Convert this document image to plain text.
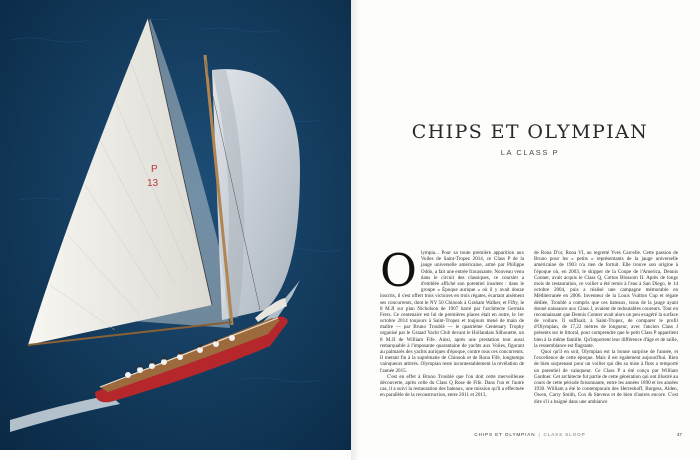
P
13
CHIPS ET OLYMPIAN
LA CLASS P
O lympia... Pour sa toute première apparition aux Voiles de Saint-Tropez 2014, ce Class P de la jauge universelle américaine, armé par Philippe Oddo, a fait une entrée fracassante. Nouveau venu dans le circuit des classiques, ce coursier a d'emblée affiché son potentiel insolent : dans le groupe « Époque aurique » où il y avait douze inscrits, il s'est offert trois victoires en trois régates, écartant aisément ses concurrents, dont le NY 50 Chinook à Graham Walker, et Fifty, le 8 M.JI sur plan Nicholson de 1907 barré par l'architecte Germán Frers. Ce centenaire est lui de premières places était en outre, le 1er octobre 2014 toujours à Saint-Tropez et toujours mené de main de maître — par Bruno Troublé — le quatrième Centenary Trophy organisé par le Gstaad Yacht Club devant le Hollandais Silhouette, un 8 M.JI de William Fife. Ainsi, après une prestation tout aussi remarquable à l'imposante quarantaine de yachts aux Voiles, figurant au palmarès des yachts auriques d'époque, contre tous ces concurrents. Il mettait fin à la suprématie de Chinook et de Rona Fife, longtemps vainqueurs attitrés. Olympian reste incontestablement la révélation de l'année 2015.

C'est en effet à Bruno Troublé que l'on doit cette merveilleuse découverte, après celle du Class Q Rose de Fife. Dans l'un et l'autre cas, il a suivi la restauration des bateaux, une mission qu'il a effectuée en parallèle de la reconstruction, entre 2011 et 2013,

de Rona D'or, Rona VI, au regretté Yves Carcelle. Cette passion de Bruno pour les « petits » représentants de la jauge universelle américaine de 1903 n'a rien de fortuit. Elle trouve son origine à l'époque où, en 2003, le skipper de la Coupe de l'America, Dennis Conner, avait acquis le Class Q, Cotton Blossom II. Après de longs mois de restauration, ce voilier a été remis à l'eau à San Diego, le 14 octobre 2004, puis a réalisé une campagne mémorable en Méditerranée en 2006. Inventeur de la Louis Vuitton Cup et régate dédiée, Troublé a compris que ces bateaux, issus de la jauge ayant donné naissance aux Class J, avaient de redoutables coureurs. Tout en reconnaissant que Dennis Conner avait alors un peu exagéré la surface de voilure. Il suffisait, à Saint-Tropez, de comparer le profil d'Olympian, de 17,22 mètres de longueur, avec l'ancien Class J présents sur le littoral, pour comprendre que le petit Class P appartient bien à la même famille. Qu'importent leur différence d'âge et de taille, la ressemblance est flagrante.

Quoi qu'il en soit, Olympian est la bonne surprise de l'année, et l'excellence de cette époque. Mais il est également aujourd'hui. Rien de bien surprenant pour un voilier qui dès sa mise à flots a remporté un potentiel de vainqueur. Ce Class P a été conçu par William Gardner. Cet architecte fut partie de cette génération qui ont illustré au cours de cette période foisonnante, entre les années 1890 et les années 1930. William a été le contemporain des Herreshoff, Burgess, Alden, Owen, Carry Smith, Cox & Stevens et de bien d'autres encore. C'est dire s'il a baigné dans une ambiance

CHIPS ET OLYMPIAN | CLASS SLOOP	47
